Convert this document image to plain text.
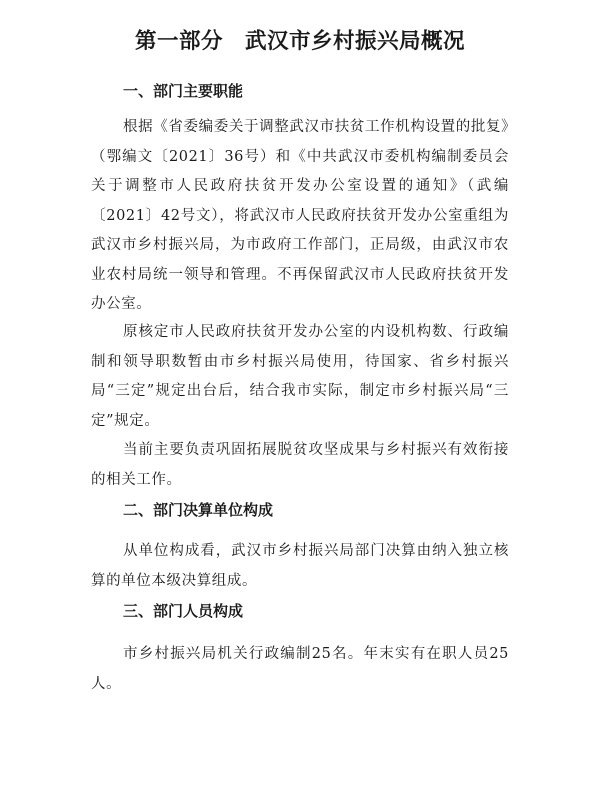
第一部分　武汉市乡村振兴局概况
一、部门主要职能

根据《省委编委关于调整武汉市扶贫工作机构设置的批复》（鄂编文〔2021〕36号）和《中共武汉市委机构编制委员会关于调整市人民政府扶贫开发办公室设置的通知》（武编〔2021〕42号文），将武汉市人民政府扶贫开发办公室重组为武汉市乡村振兴局，为市政府工作部门，正局级，由武汉市农业农村局统一领导和管理。不再保留武汉市人民政府扶贫开发办公室。

原核定市人民政府扶贫开发办公室的内设机构数、行政编制和领导职数暂由市乡村振兴局使用，待国家、省乡村振兴局“三定”规定出台后，结合我市实际，制定市乡村振兴局“三定”规定。

当前主要负责巩固拓展脱贫攻坚成果与乡村振兴有效衔接的相关工作。

二、部门决算单位构成

从单位构成看，武汉市乡村振兴局部门决算由纳入独立核算的单位本级决算组成。

三、部门人员构成

市乡村振兴局机关行政编制25名。年末实有在职人员25人。
